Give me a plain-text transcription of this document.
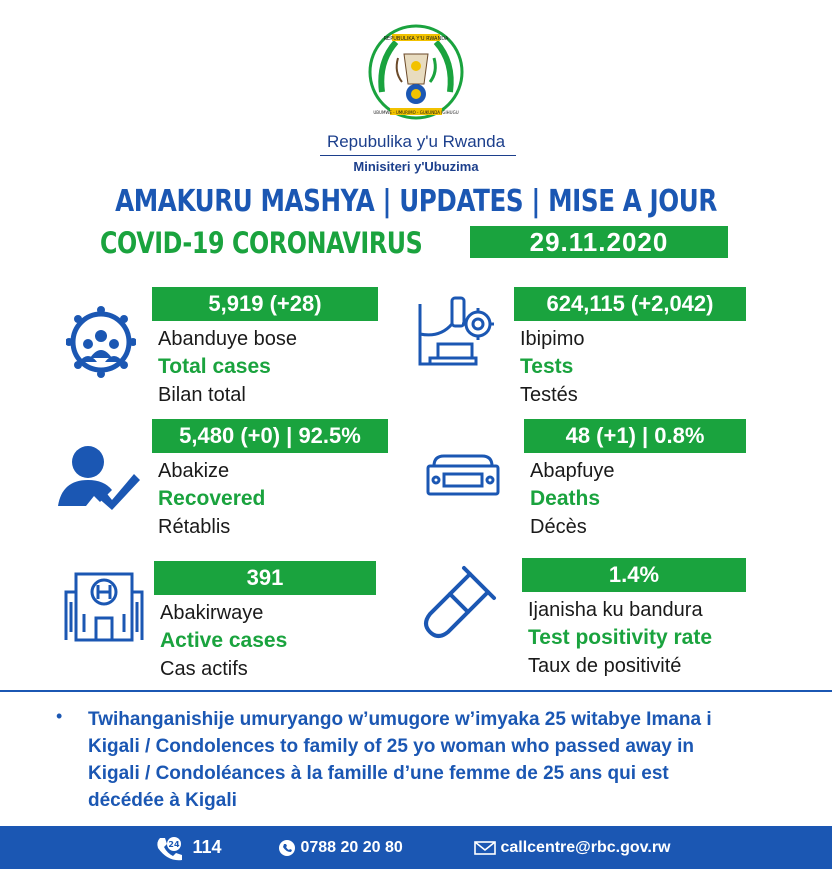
REPUBULIKA Y'U RWANDA
UBUMWE - UMURIMO - GUKUNDA IGIHUGU
Repubulika y'u Rwanda
Minisiteri y'Ubuzima
AMAKURU MASHYA | UPDATES | MISE A JOUR
COVID-19 CORONAVIRUS	29.11.2020
5,919 (+28)
Abanduye bose
Total cases
Bilan total
624,115 (+2,042)
Ibipimo
Tests
Testés
5,480 (+0) | 92.5%
Abakize
Recovered
Rétablis
48 (+1) | 0.8%
Abapfuye
Deaths
Décès
391
Abakirwaye
Active cases
Cas actifs
1.4%
Ijanisha ku bandura
Test positivity rate
Taux de positivité
• Twihanganishije umuryango w’umugore w’imyaka 25 witabye Imana i Kigali / Condolences to family of 25 yo woman who passed away in Kigali / Condoléances à la famille d’une femme de 25 ans qui est décédée à Kigali
24 114	0788 20 20 80	callcentre@rbc.gov.rw
